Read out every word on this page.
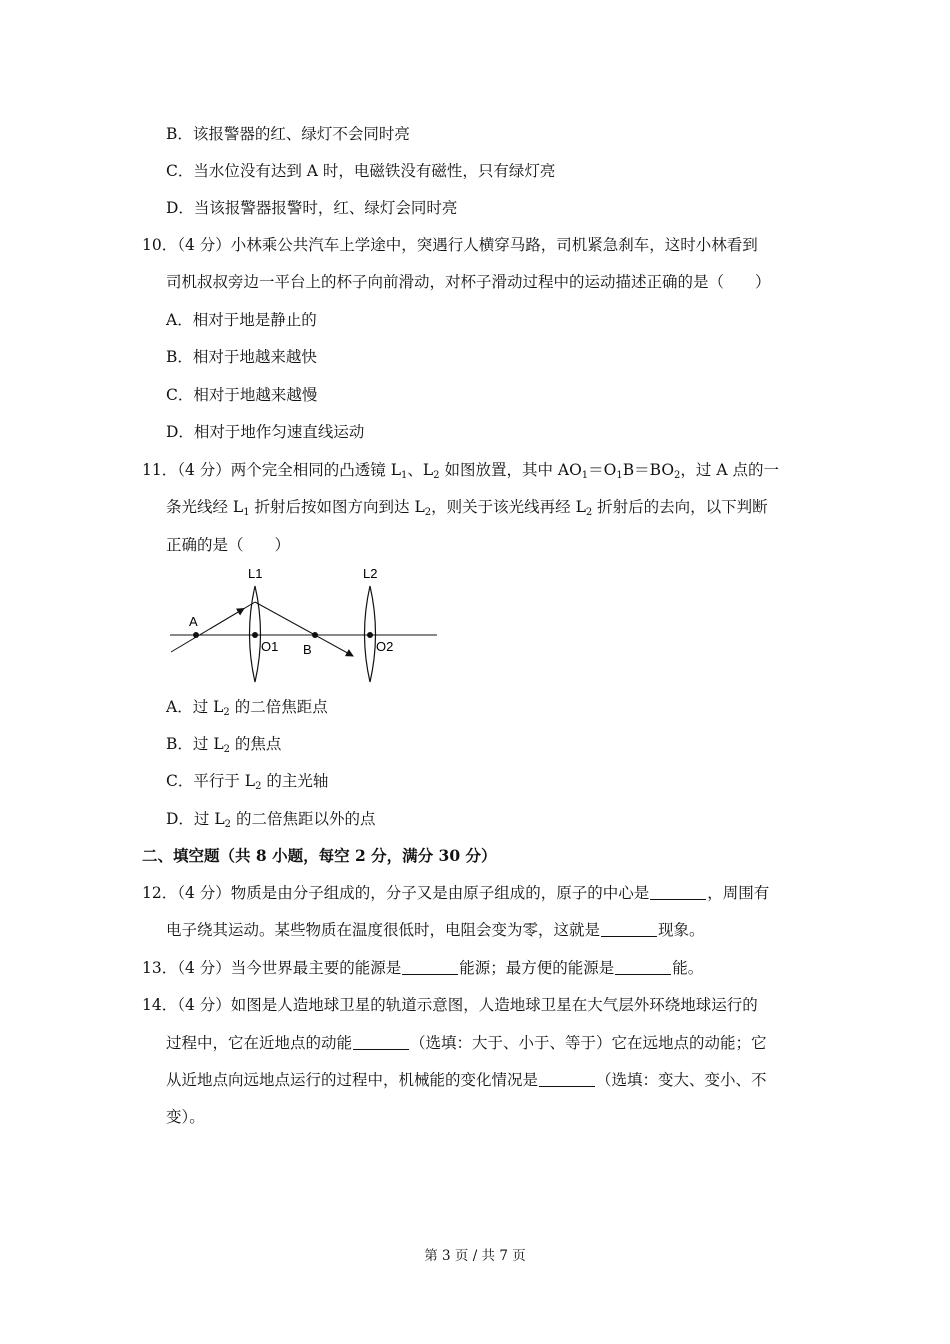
B．该报警器的红、绿灯不会同时亮
C．当水位没有达到 A 时，电磁铁没有磁性，只有绿灯亮
D．当该报警器报警时，红、绿灯会同时亮
10．（4 分）小林乘公共汽车上学途中，突遇行人横穿马路，司机紧急刹车，这时小林看到
司机叔叔旁边一平台上的杯子向前滑动，对杯子滑动过程中的运动描述正确的是（　　）
A．相对于地是静止的
B．相对于地越来越快
C．相对于地越来越慢
D．相对于地作匀速直线运动
11．（4 分）两个完全相同的凸透镜 $L_1$、$L_2$ 如图放置，其中 $AO_1=O_1B=BO_2$，过 A 点的一
条光线经 $L_1$ 折射后按如图方向到达 $L_2$，则关于该光线再经 $L_2$ 折射后的去向，以下判断
正确的是（　　）
A
L1	L2
O1 B	O2
A．过 $L_2$ 的二倍焦距点
B．过 $L_2$ 的焦点
C．平行于 $L_2$ 的主光轴
D．过 $L_2$ 的二倍焦距以外的点
二、填空题（共 8 小题，每空 2 分，满分 30 分）
12．（4 分）物质是由分子组成的，分子又是由原子组成的，原子的中心是	，周围有
电子绕其运动。某些物质在温度很低时，电阻会变为零，这就是	现象。
13．（4 分）当今世界最主要的能源是	能源；最方便的能源是	能。
14．（4 分）如图是人造地球卫星的轨道示意图，人造地球卫星在大气层外环绕地球运行的
过程中，它在近地点的动能	（选填：大于、小于、等于）它在远地点的动能；它
从近地点向远地点运行的过程中，机械能的变化情况是	（选填：变大、变小、不
变）。
第 3 页 / 共 7 页
